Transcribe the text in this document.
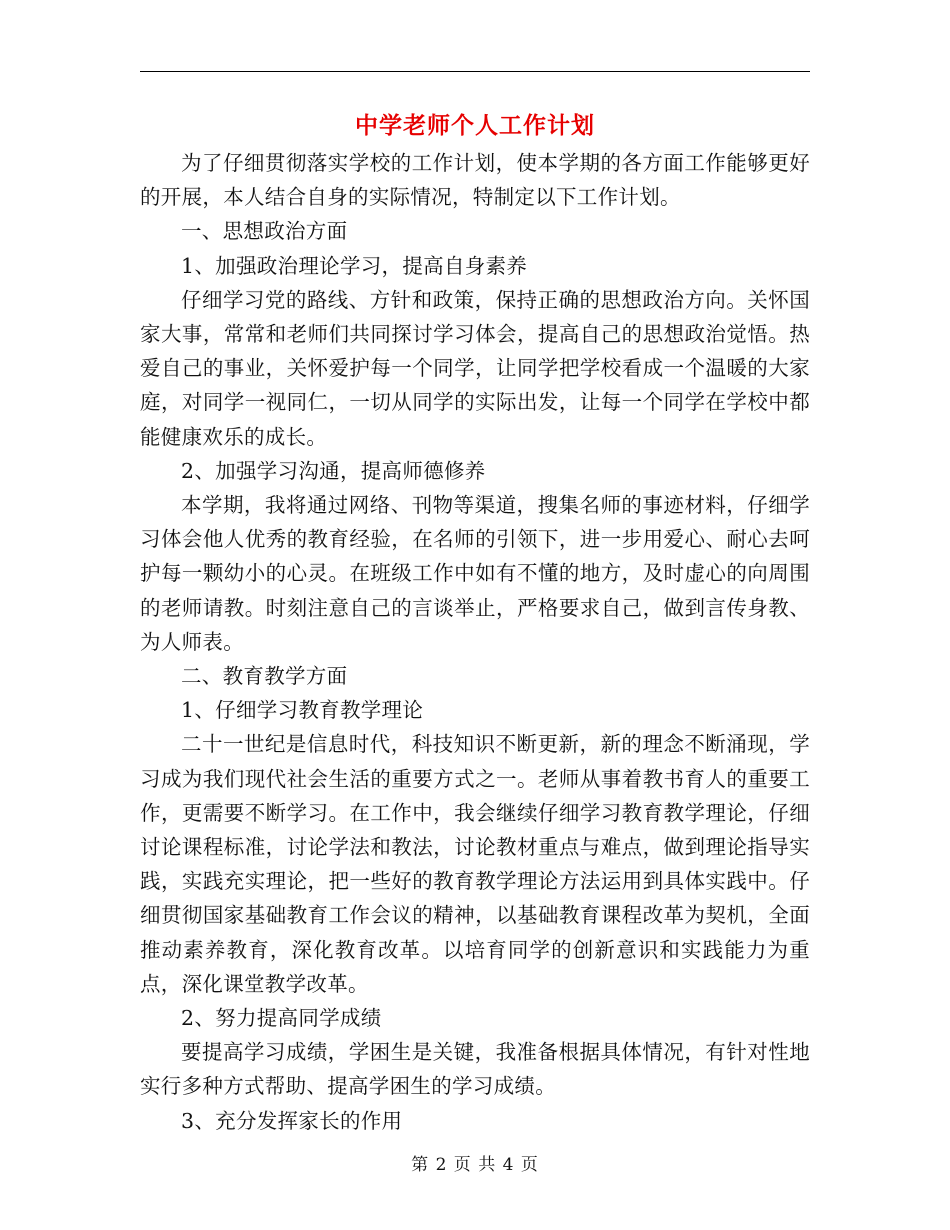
中学老师个人工作计划

为了仔细贯彻落实学校的工作计划，使本学期的各方面工作能够更好的开展，本人结合自身的实际情况，特制定以下工作计划。

一、思想政治方面

1、加强政治理论学习，提高自身素养

仔细学习党的路线、方针和政策，保持正确的思想政治方向。关怀国家大事，常常和老师们共同探讨学习体会，提高自己的思想政治觉悟。热爱自己的事业，关怀爱护每一个同学，让同学把学校看成一个温暖的大家庭，对同学一视同仁，一切从同学的实际出发，让每一个同学在学校中都能健康欢乐的成长。

2、加强学习沟通，提高师德修养

本学期，我将通过网络、刊物等渠道，搜集名师的事迹材料，仔细学习体会他人优秀的教育经验，在名师的引领下，进一步用爱心、耐心去呵护每一颗幼小的心灵。在班级工作中如有不懂的地方，及时虚心的向周围的老师请教。时刻注意自己的言谈举止，严格要求自己，做到言传身教、为人师表。

二、教育教学方面

1、仔细学习教育教学理论

二十一世纪是信息时代，科技知识不断更新，新的理念不断涌现，学习成为我们现代社会生活的重要方式之一。老师从事着教书育人的重要工作，更需要不断学习。在工作中，我会继续仔细学习教育教学理论，仔细讨论课程标准，讨论学法和教法，讨论教材重点与难点，做到理论指导实践，实践充实理论，把一些好的教育教学理论方法运用到具体实践中。仔细贯彻国家基础教育工作会议的精神，以基础教育课程改革为契机，全面推动素养教育，深化教育改革。以培育同学的创新意识和实践能力为重点，深化课堂教学改革。

2、努力提高同学成绩

要提高学习成绩，学困生是关键，我准备根据具体情况，有针对性地实行多种方式帮助、提高学困生的学习成绩。

3、充分发挥家长的作用

第 2 页 共 4 页
